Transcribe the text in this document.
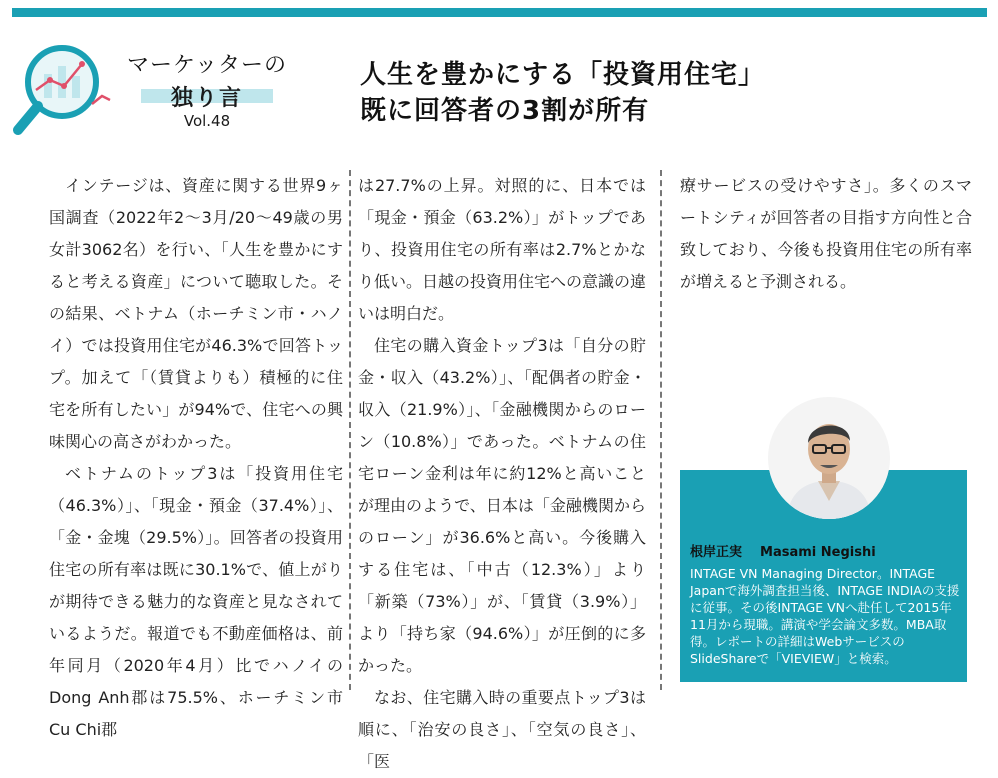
マーケッターの
独り言
Vol.48
人生を豊かにする「投資用住宅」
既に回答者の3割が所有

インテージは、資産に関する世界9ヶ国調査（2022年2〜3月/20〜49歳の男女計3062名）を行い、「人生を豊かにすると考える資産」について聴取した。その結果、ベトナム（ホーチミン市・ハノイ）では投資用住宅が46.3%で回答トップ。加えて「（賃貸よりも）積極的に住宅を所有したい」が94%で、住宅への興味関心の高さがわかった。

ベトナムのトップ3は「投資用住宅（46.3%）」、「現金・預金（37.4%）」、「金・金塊（29.5%）」。回答者の投資用住宅の所有率は既に30.1%で、値上がりが期待できる魅力的な資産と見なされているようだ。報道でも不動産価格は、前年同月（2020年4月）比でハノイのDong Anh郡は75.5%、ホーチミン市Cu Chi郡

は27.7%の上昇。対照的に、日本では「現金・預金（63.2%）」がトップであり、投資用住宅の所有率は2.7%とかなり低い。日越の投資用住宅への意識の違いは明白だ。

住宅の購入資金トップ3は「自分の貯金・収入（43.2%）」、「配偶者の貯金・収入（21.9%）」、「金融機関からのローン（10.8%）」であった。ベトナムの住宅ローン金利は年に約12%と高いことが理由のようで、日本は「金融機関からのローン」が36.6%と高い。今後購入する住宅は、「中古（12.3%）」より「新築（73%）」が、「賃貸（3.9%）」より「持ち家（94.6%）」が圧倒的に多かった。

なお、住宅購入時の重要点トップ3は順に、「治安の良さ」、「空気の良さ」、「医

療サービスの受けやすさ」。多くのスマートシティが回答者の目指す方向性と合致しており、今後も投資用住宅の所有率が増えると予測される。

根岸正実 Masami Negishi
INTAGE VN Managing Director。INTAGE Japanで海外調査担当後、INTAGE INDIAの支援に従事。その後INTAGE VNへ赴任して2015年11月から現職。講演や学会論文多数。MBA取得。レポートの詳細はWebサービスのSlideShareで「VIEVIEW」と検索。
